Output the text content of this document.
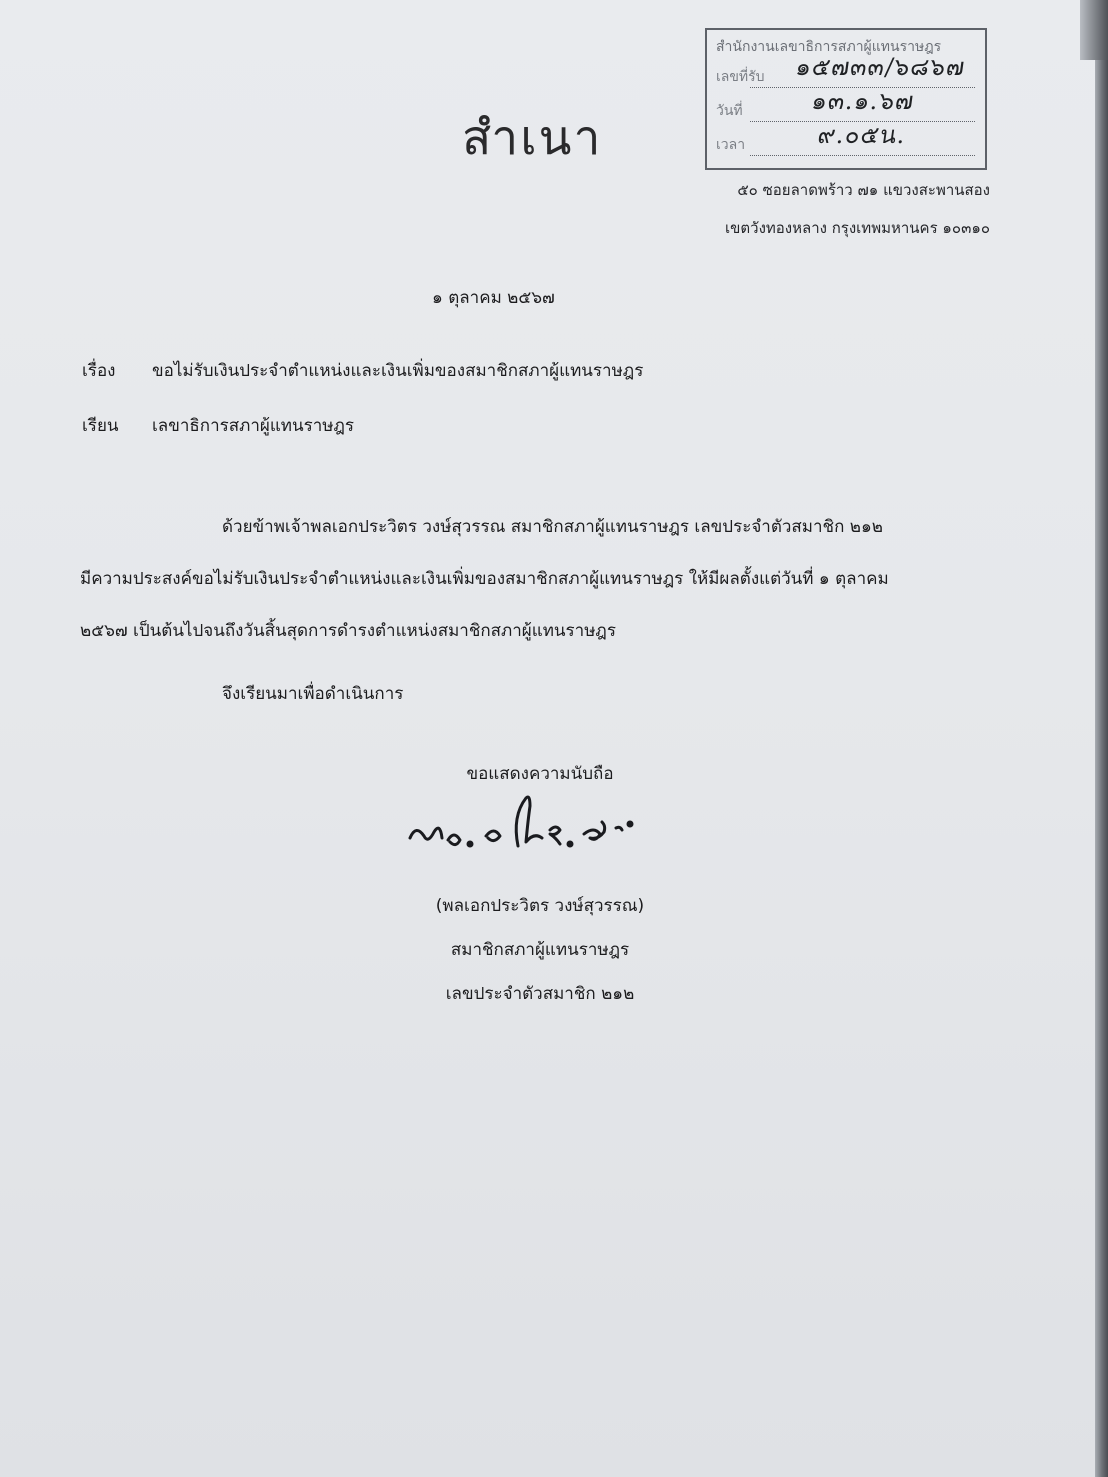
สำเนา
สำนักงานเลขาธิการสภาผู้แทนราษฎร
เลขที่รับ ๑๕๗๓๓/๖๘๖๗
วันที่	๑๓.๑.๖๗
เวลา	๙.๐๕น.
๕๐ ซอยลาดพร้าว ๗๑ แขวงสะพานสอง
เขตวังทองหลาง กรุงเทพมหานคร ๑๐๓๑๐
๑ ตุลาคม ๒๕๖๗
เรื่อง ขอไม่รับเงินประจำตำแหน่งและเงินเพิ่มของสมาชิกสภาผู้แทนราษฎร
เรียน เลขาธิการสภาผู้แทนราษฎร
ด้วยข้าพเจ้าพลเอกประวิตร วงษ์สุวรรณ สมาชิกสภาผู้แทนราษฎร เลขประจำตัวสมาชิก ๒๑๒
มีความประสงค์ขอไม่รับเงินประจำตำแหน่งและเงินเพิ่มของสมาชิกสภาผู้แทนราษฎร ให้มีผลตั้งแต่วันที่ ๑ ตุลาคม
๒๕๖๗ เป็นต้นไปจนถึงวันสิ้นสุดการดำรงตำแหน่งสมาชิกสภาผู้แทนราษฎร
จึงเรียนมาเพื่อดำเนินการ
ขอแสดงความนับถือ
(พลเอกประวิตร วงษ์สุวรรณ)
สมาชิกสภาผู้แทนราษฎร
เลขประจำตัวสมาชิก ๒๑๒
